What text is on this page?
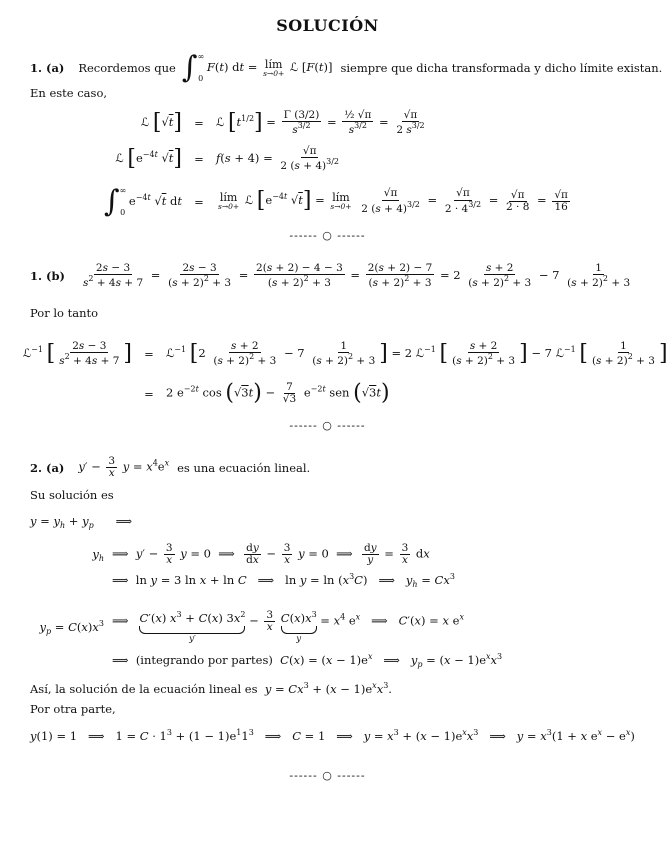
SOLUCIÓN
1. (a) Recordemos que $\int^\infty_0$ F(t) dt = lím
s→0+ ℒ [F(t)] siempre que dicha transformada y dicho límite existan.
En este caso,
ℒ [√t]	=	ℒ $[t^{1/2}] = \frac{\Gamma (3/2)}{s^{3/2}} = \frac{\text{½ √π}}{s^{3/2}} = \frac{√\pi}{2 s^{3/2}}$
ℒ [$e^{-4t}$ √t]	=	$f(s + 4) = \frac{√\pi}{2 (s + 4)^{3/2}}$
$\int^\infty_0$ $e^{-4t}$ √t dt	=	lím
s→0+ ℒ [$e^{-4t}$ √t] = lím
s→0+
$\frac{√\pi}{2 (s + 4)^{3/2}} = \frac{√\pi}{2 \cdot 4^{3/2}} = \frac{√\pi}{2 \cdot 8} = \frac{√\pi}{16}$
------ ○ ------
1. $(b) \frac{2s - 3}{s^2 + 4s + 7} = \frac{2s - 3}{(s + 2)^2 + 3} = \frac{2(s + 2) - 4 - 3}{(s + 2)^2 + 3} = \frac{2(s + 2) - 7}{(s + 2)^2 + 3} = 2 \frac{s + 2}{(s + 2)^2 + 3} - 7 \frac{1}{(s + 2)^2 + 3}$
Por lo tanto
ℒ$^{-1}$ [ $\frac{2s - 3}{s^2 + 4s + 7}$ ]	=	ℒ$^{-1}$ [$2 \frac{s + 2}{(s + 2)^2 + 3} - 7 \frac{1}{(s + 2)^2 + 3}$ ] = 2 ℒ$^{-1}$ [ $\frac{s + 2}{(s + 2)^2 + 3}$ ] − 7 ℒ$^{-1}$ [ $\frac{1}{(s + 2)^2 + 3}$ ]
=	2 $e^{-2t}$ $\cos (√3t) - \frac{7}{√3} e^{-2t}$ sen (√3t)
------ ○ ------
2. (a) $y' - \frac{3}{x}$ $y = x^4e^x$ es una ecuación lineal.
Su solución es
$y = y_h + y_p$      ⟹
$y_h$ ⟹  $y' - \frac{3}{x}$ y = 0  ⟹ $\frac{dy}{dx} - \frac{3}{x}$ y = 0  ⟹ $\frac{dy}{y} = \frac{3}{x}$ dx
⟹  ln y = 3 ln x + ln C   ⟹   $\ln y = \ln (x^3C)$   ⟹   $y_h = Cx^3$
$y_p = C(x)x^3$ ⟹ C′(x) $x^3 + C(x)$ $3x^2$
y′
− $\frac{3}{x}$
$C(x)x^3$
y
= $x^4$ $e^x$   ⟹   C′(x) = x $e^x$
⟹  (integrando por partes) $C(x) = (x - 1)e^x$   ⟹   $y_p = (x - 1)e^xx^3$
Así, la solución de la ecuación lineal es $y = Cx^3 + (x - 1)e^xx^3$.
Por otra parte,
y(1) = 1   ⟹   $1 = C \cdot 1^3 + (1 - 1)e^11^3$   ⟹   C = 1   ⟹   $y = x^3 + (x - 1)e^xx^3$   ⟹   $y = x^3(1 + x$ $e^x - e^x$)
------ ○ ------
